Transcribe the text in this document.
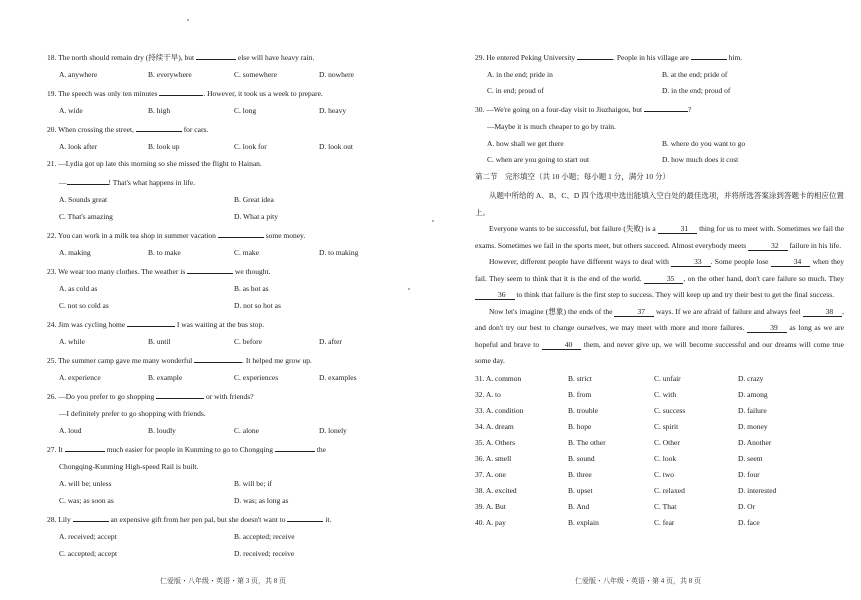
18. The north should remain dry (持续干旱), but	else will have heavy rain.
A. anywhere	B. everywhere	C. somewhere	D. nowhere
19. The speech was only ten minutes	. However, it took us a week to prepare.
A. wide	B. high	C. long	D. heavy
20. When crossing the street,	for cars.
A. look after	B. look up	C. look for	D. look out
21. —Lydia got up late this morning so she missed the flight to Hainan.
—	! That's what happens in life.
A. Sounds great	B. Great idea
C. That's amazing	D. What a pity
22. You can work in a milk tea shop in summer vacation	some money.
A. making	B. to make	C. make	D. to making
23. We wear too many clothes. The weather is	we thought.
A. as cold as	B. as hot as
C. not so cold as	D. not so hot as
24. Jim was cycling home	I was waiting at the bus stop.
A. while	B. until	C. before	D. after
25. The summer camp gave me many wonderful	. It helped me grow up.
A. experience	B. example	C. experiences	D. examples
26. —Do you prefer to go shopping	or with friends?
—I definitely prefer to go shopping with friends.
A. loud	B. loudly	C. alone	D. lonely
27. It	much easier for people in Kunming to go to Chongqing	the
Chongqing-Kunming High-speed Rail is built.
A. will be; unless	B. will be; if
C. was; as soon as	D. was; as long as
28. Lily	an expensive gift from her pen pal, but she doesn't want to	it.
A. received; accept	B. accepted; receive
C. accepted; accept	D. received; receive
仁爱版・八年级・英语・第 3 页，共 8 页
29. He entered Peking University	. People in his village are	him.
A. in the end; pride in	B. at the end; pride of
C. in end; proud of	D. in the end; proud of
30. —We're going on a four-day visit to Jiuzhaigou, but	?
—Maybe it is much cheaper to go by train.
A. how shall we get there	B. where do you want to go
C. when are you going to start out	D. how much does it cost
第二节　完形填空（共 10 小题；每小题 1 分，满分 10 分）
从题中所给的 A、B、C、D 四个选项中选出能填入空白处的最佳选项，并将所选答案涂到答题卡的相应位置上。
Everyone wants to be successful, but failure (失败) is a	31 thing for us to meet with. Sometimes we fail the exams. Sometimes we fail in the sports meet, but others succeed. Almost everybody meets	32 failure in his life.
However, different people have different ways to deal with	33 . Some people lose	34 when they fail. They seem to think that it is the end of the world.	35 , on the other hand, don't care failure so much. They 36 to think that failure is the first step to success. They will keep up and try their best to get the final success.
Now let's imagine (想象) the ends of the	37 ways. If we are afraid of failure and always feel	38 , and don't try our best to change ourselves, we may meet with more and more failures.	39 as long as we are hopeful and brave to	40 them, and never give up, we will become successful and our dreams will come true some day.
31. A. common	B. strict	C. unfair	D. crazy
32. A. to	B. from	C. with	D. among
33. A. condition	B. trouble	C. success	D. failure
34. A. dream	B. hope	C. spirit	D. money
35. A. Others	B. The other	C. Other	D. Another
36. A. smell	B. sound	C. look	D. seem
37. A. one	B. three	C. two	D. four
38. A. excited	B. upset	C. relaxed	D. interested
39. A. But	B. And	C. That	D. Or
40. A. pay	B. explain	C. fear	D. face
仁爱版・八年级・英语・第 4 页，共 8 页
